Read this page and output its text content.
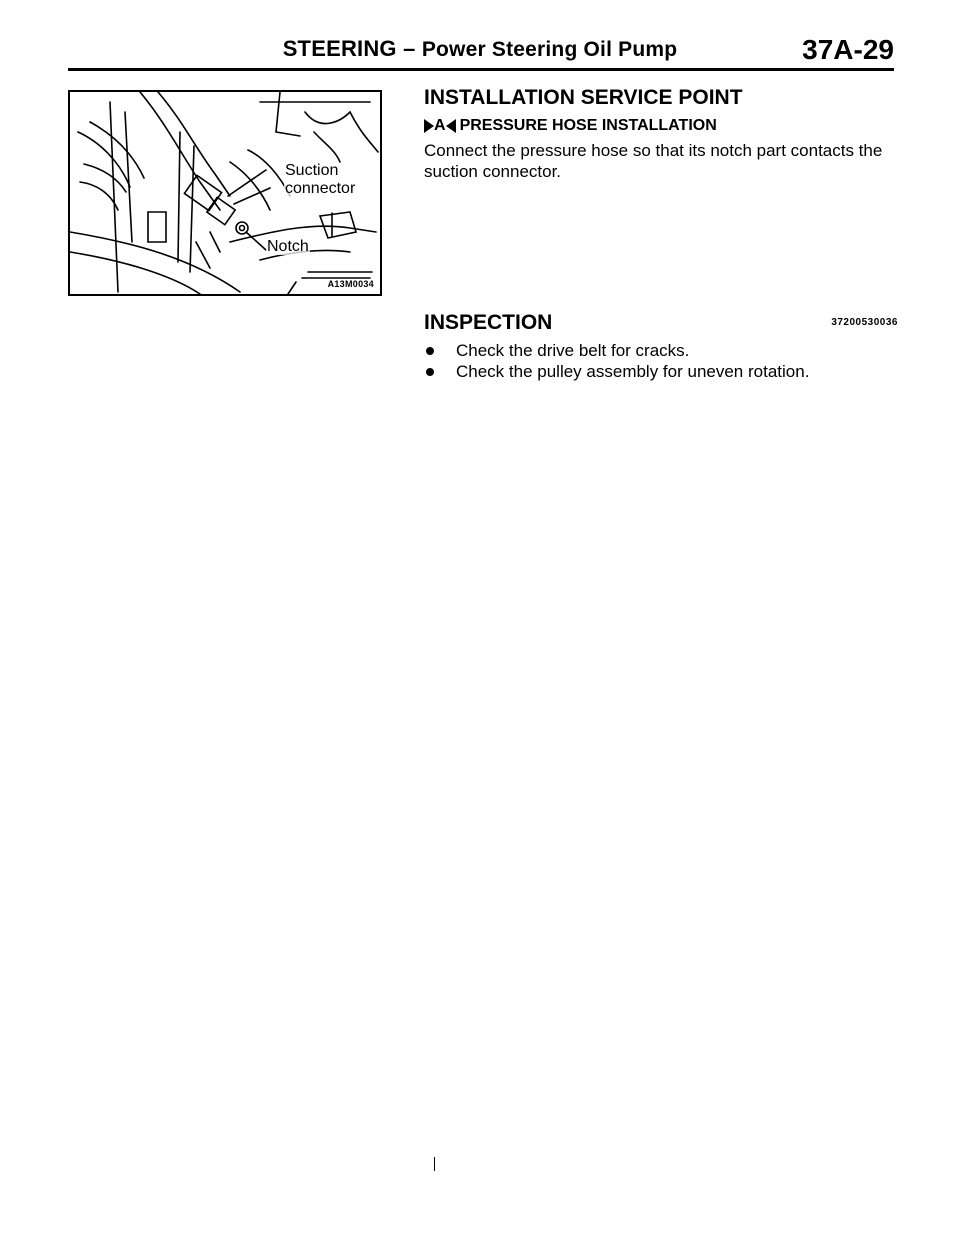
STEERING – Power Steering Oil Pump	37A-29
Suction
connector
Notch
A13M0034
INSTALLATION SERVICE POINT
A PRESSURE HOSE INSTALLATION
Connect the pressure hose so that its notch part contacts the suction connector.
INSPECTION	37200530036
Check the drive belt for cracks.
Check the pulley assembly for uneven rotation.
